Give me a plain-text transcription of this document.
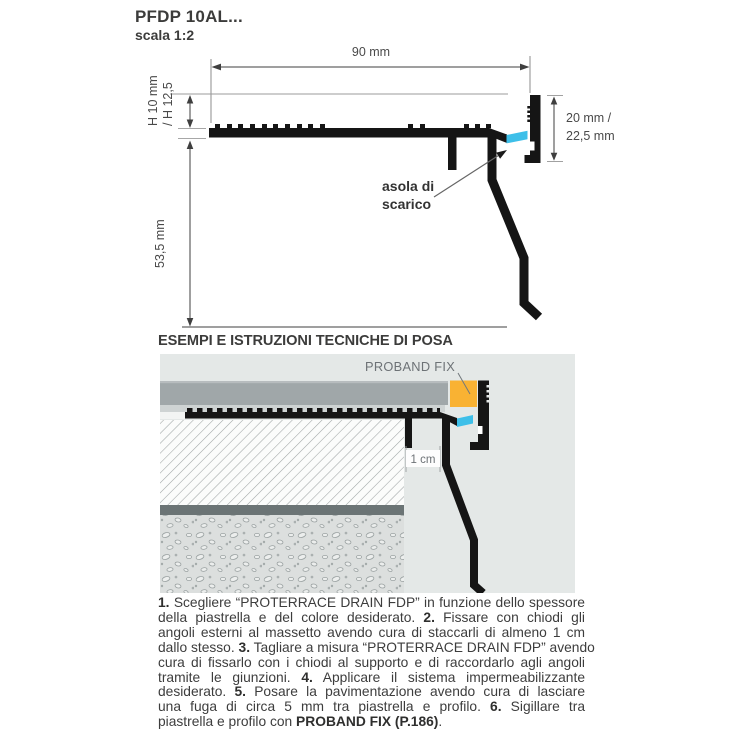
PFDP 10AL...
scala 1:2
90 mm
H 10 mm / H 12,5
53,5 mm
20 mm /
22,5 mm
asola di
scarico
ESEMPI E ISTRUZIONI TECNICHE DI POSA
1 cm
PROBAND FIX
1. Scegliere “PROTERRACE DRAIN FDP” in funzione dello spessore
della piastrella e del colore desiderato. 2. Fissare con chiodi gli
angoli esterni al massetto avendo cura di staccarli di almeno 1 cm
dallo stesso. 3. Tagliare a misura “PROTERRACE DRAIN FDP” avendo
cura di fissarlo con i chiodi al supporto e di raccordarlo agli angoli
tramite le giunzioni. 4. Applicare il sistema impermeabilizzante
desiderato. 5. Posare la pavimentazione avendo cura di lasciare
una fuga di circa 5 mm tra piastrella e profilo. 6. Sigillare tra
piastrella e profilo con PROBAND FIX (P.186).
